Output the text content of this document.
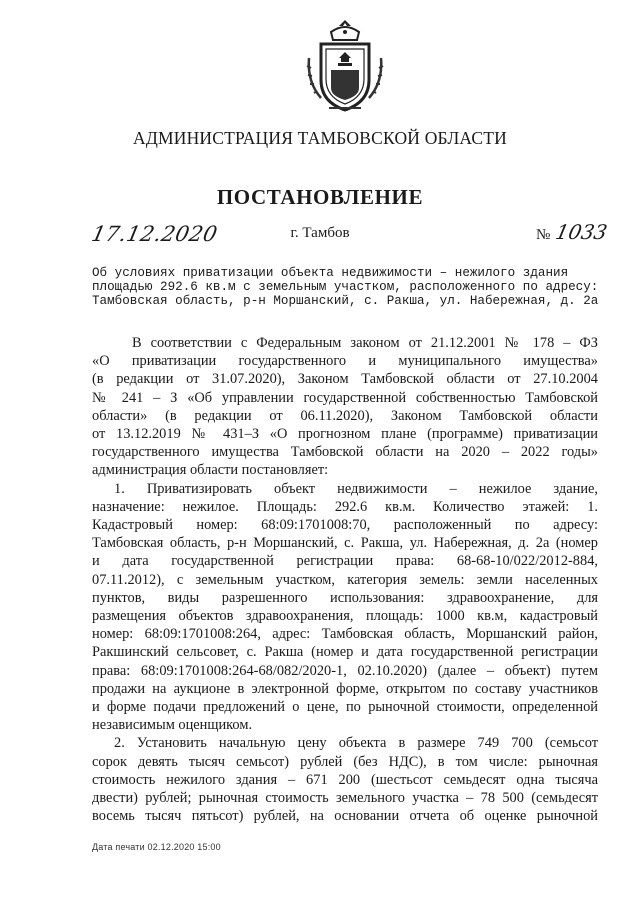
АДМИНИСТРАЦИЯ ТАМБОВСКОЙ ОБЛАСТИ
ПОСТАНОВЛЕНИЕ
17.12.2020	г. Тамбов	№ 1033
Об условиях приватизации объекта недвижимости – нежилого здания
площадью 292.6 кв.м с земельным участком, расположенного по адресу:
Тамбовская область, р-н Моршанский, с. Ракша, ул. Набережная, д. 2а
В соответствии с Федеральным законом от 21.12.2001 № 178 – ФЗ
«О приватизации государственного и муниципального имущества»
(в редакции от 31.07.2020), Законом Тамбовской области от 27.10.2004
№ 241 – З «Об управлении государственной собственностью Тамбовской
области» (в редакции от 06.11.2020), Законом Тамбовской области
от 13.12.2019 № 431–З «О прогнозном плане (программе) приватизации
государственного имущества Тамбовской области на 2020 – 2022 годы»
администрация области постановляет:
1. Приватизировать объект недвижимости – нежилое здание,
назначение: нежилое. Площадь: 292.6 кв.м. Количество этажей: 1.
Кадастровый номер: 68:09:1701008:70, расположенный по адресу:
Тамбовская область, р-н Моршанский, с. Ракша, ул. Набережная, д. 2а (номер
и дата государственной регистрации права: 68-68-10/022/2012-884,
07.11.2012), с земельным участком, категория земель: земли населенных
пунктов, виды разрешенного использования: здравоохранение, для
размещения объектов здравоохранения, площадь: 1000 кв.м, кадастровый
номер: 68:09:1701008:264, адрес: Тамбовская область, Моршанский район,
Ракшинский сельсовет, с. Ракша (номер и дата государственной регистрации
права: 68:09:1701008:264-68/082/2020-1, 02.10.2020) (далее – объект) путем
продажи на аукционе в электронной форме, открытом по составу участников
и форме подачи предложений о цене, по рыночной стоимости, определенной
независимым оценщиком.
2. Установить начальную цену объекта в размере 749 700 (семьсот
сорок девять тысяч семьсот) рублей (без НДС), в том числе: рыночная
стоимость нежилого здания – 671 200 (шестьсот семьдесят одна тысяча
двести) рублей; рыночная стоимость земельного участка – 78 500 (семьдесят
восемь тысяч пятьсот) рублей, на основании отчета об оценке рыночной
Дата печати 02.12.2020 15:00
